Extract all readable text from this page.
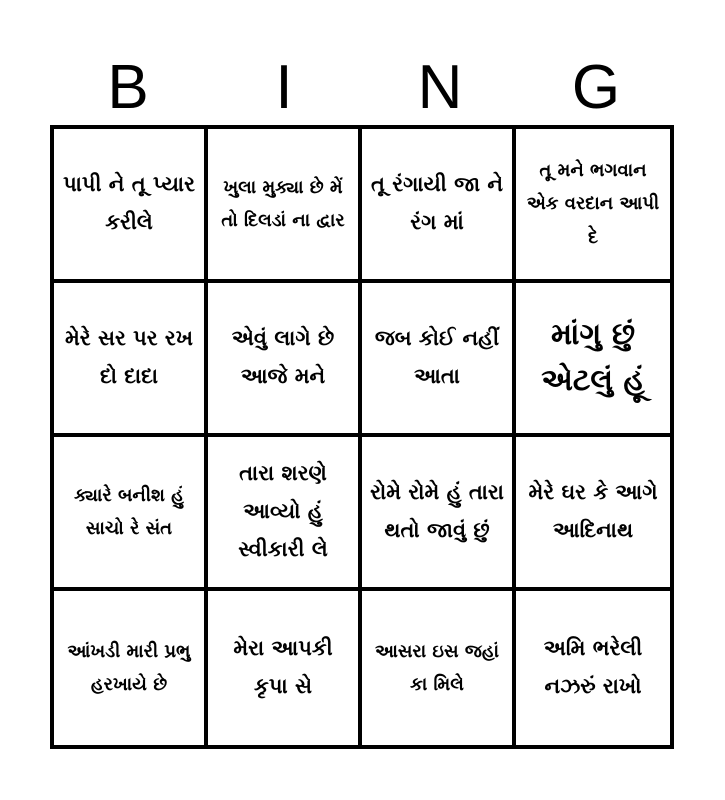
B	I	N	G
પાપી ને તૂ પ્યાર કરીલે
ખુલા મુક્યા છે મેં તો દિલડાં ના દ્વાર
તૂ રંગાયી જા ને રંગ માં
તૂ મને ભગવાન એક વરદાન આપી દે
મેરે સર પર રખ દો દાદા
એવું લાગે છે આજે મને
જબ કોઈ નહીં આતા
માંગુ છું એટલું હૂં
ક્યારે બનીશ હું સાચો રે સંત
તારા શરણે આવ્યો હું સ્વીકારી લે
રોમે રોમે હું તારા થતો જાવું છું
મેરે ઘર કે આગે આદિનાથ
આંખડી મારી પ્રભુ હરખાયે છે
મેરા આપકી કૃપા સે
આસરા ઇસ જહાં કા મિલે
અમિ ભરેલી નઝરું રાખો
